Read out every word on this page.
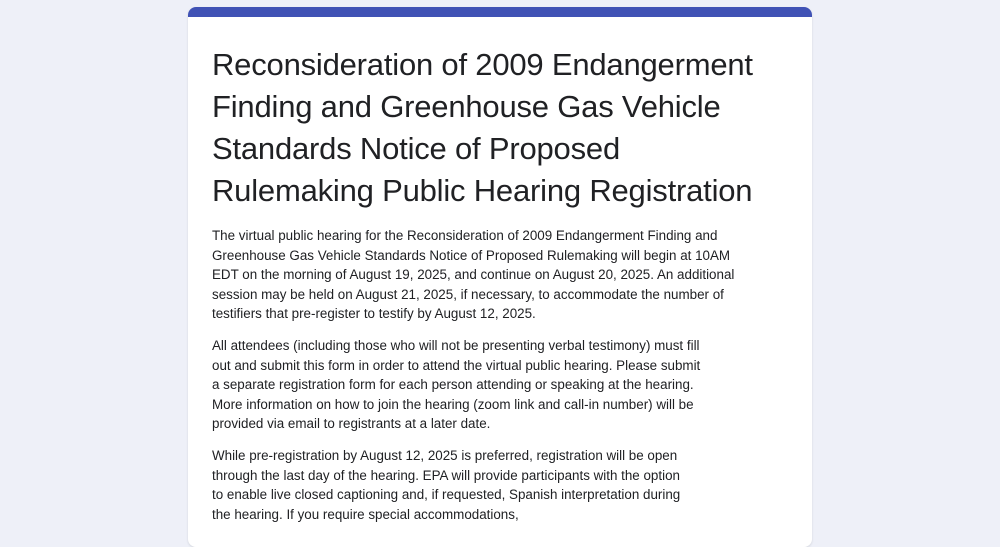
Reconsideration of 2009 Endangerment Finding and Greenhouse Gas Vehicle Standards Notice of Proposed Rulemaking Public Hearing Registration

The virtual public hearing for the Reconsideration of 2009 Endangerment Finding and Greenhouse Gas Vehicle Standards Notice of Proposed Rulemaking will begin at 10AM EDT on the morning of August 19, 2025, and continue on August 20, 2025. An additional session may be held on August 21, 2025, if necessary, to accommodate the number of testifiers that pre-register to testify by August 12, 2025.

All attendees (including those who will not be presenting verbal testimony) must fill out and submit this form in order to attend the virtual public hearing. Please submit a separate registration form for each person attending or speaking at the hearing. More information on how to join the hearing (zoom link and call-in number) will be provided via email to registrants at a later date.

While pre-registration by August 12, 2025 is preferred, registration will be open through the last day of the hearing. EPA will provide participants with the option to enable live closed captioning and, if requested, Spanish interpretation during the hearing. If you require special accommodations,
